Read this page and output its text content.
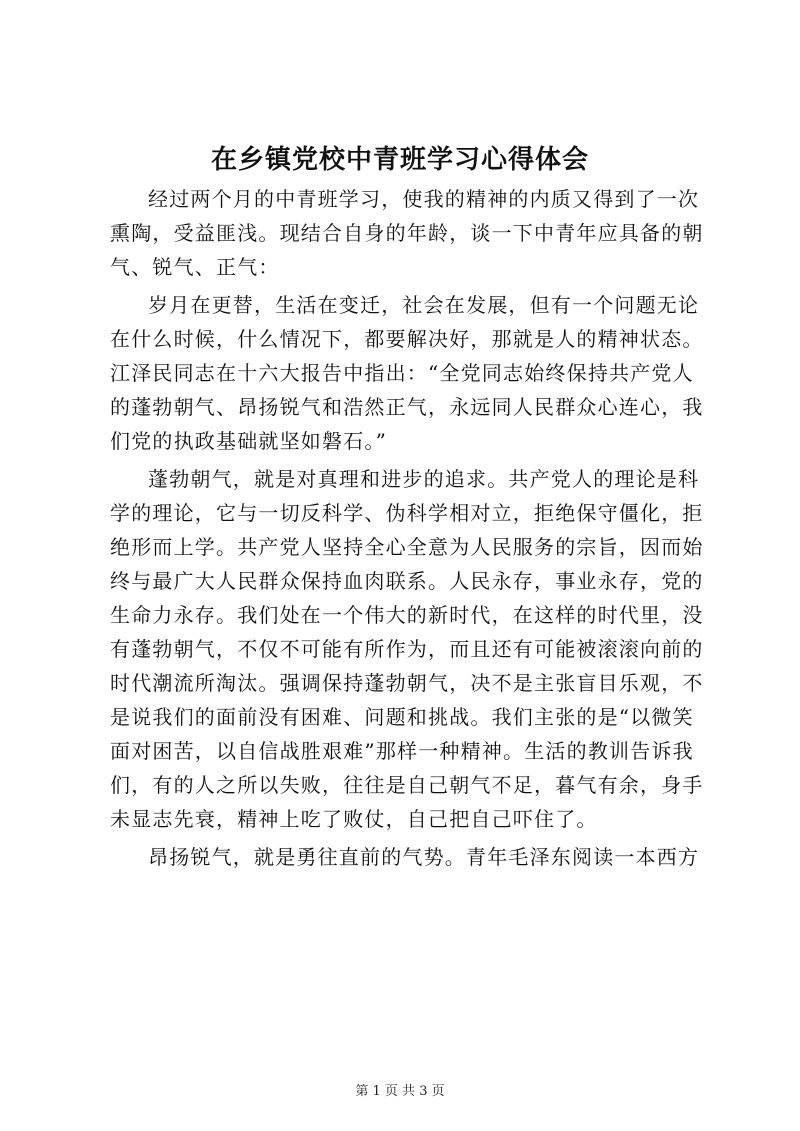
在乡镇党校中青班学习心得体会
经过两个月的中青班学习，使我的精神的内质又得到了一次
熏陶，受益匪浅。现结合自身的年龄，谈一下中青年应具备的朝
气、锐气、正气：
岁月在更替，生活在变迁，社会在发展，但有一个问题无论
在什么时候，什么情况下，都要解决好，那就是人的精神状态。
江泽民同志在十六大报告中指出：“全党同志始终保持共产党人
的蓬勃朝气、昂扬锐气和浩然正气，永远同人民群众心连心，我
们党的执政基础就坚如磐石。”
蓬勃朝气，就是对真理和进步的追求。共产党人的理论是科
学的理论，它与一切反科学、伪科学相对立，拒绝保守僵化，拒
绝形而上学。共产党人坚持全心全意为人民服务的宗旨，因而始
终与最广大人民群众保持血肉联系。人民永存，事业永存，党的
生命力永存。我们处在一个伟大的新时代，在这样的时代里，没
有蓬勃朝气，不仅不可能有所作为，而且还有可能被滚滚向前的
时代潮流所淘汰。强调保持蓬勃朝气，决不是主张盲目乐观，不
是说我们的面前没有困难、问题和挑战。我们主张的是“以微笑
面对困苦，以自信战胜艰难”那样一种精神。生活的教训告诉我
们，有的人之所以失败，往往是自己朝气不足，暮气有余，身手
未显志先衰，精神上吃了败仗，自己把自己吓住了。
昂扬锐气，就是勇往直前的气势。青年毛泽东阅读一本西方
第 1 页 共 3 页
